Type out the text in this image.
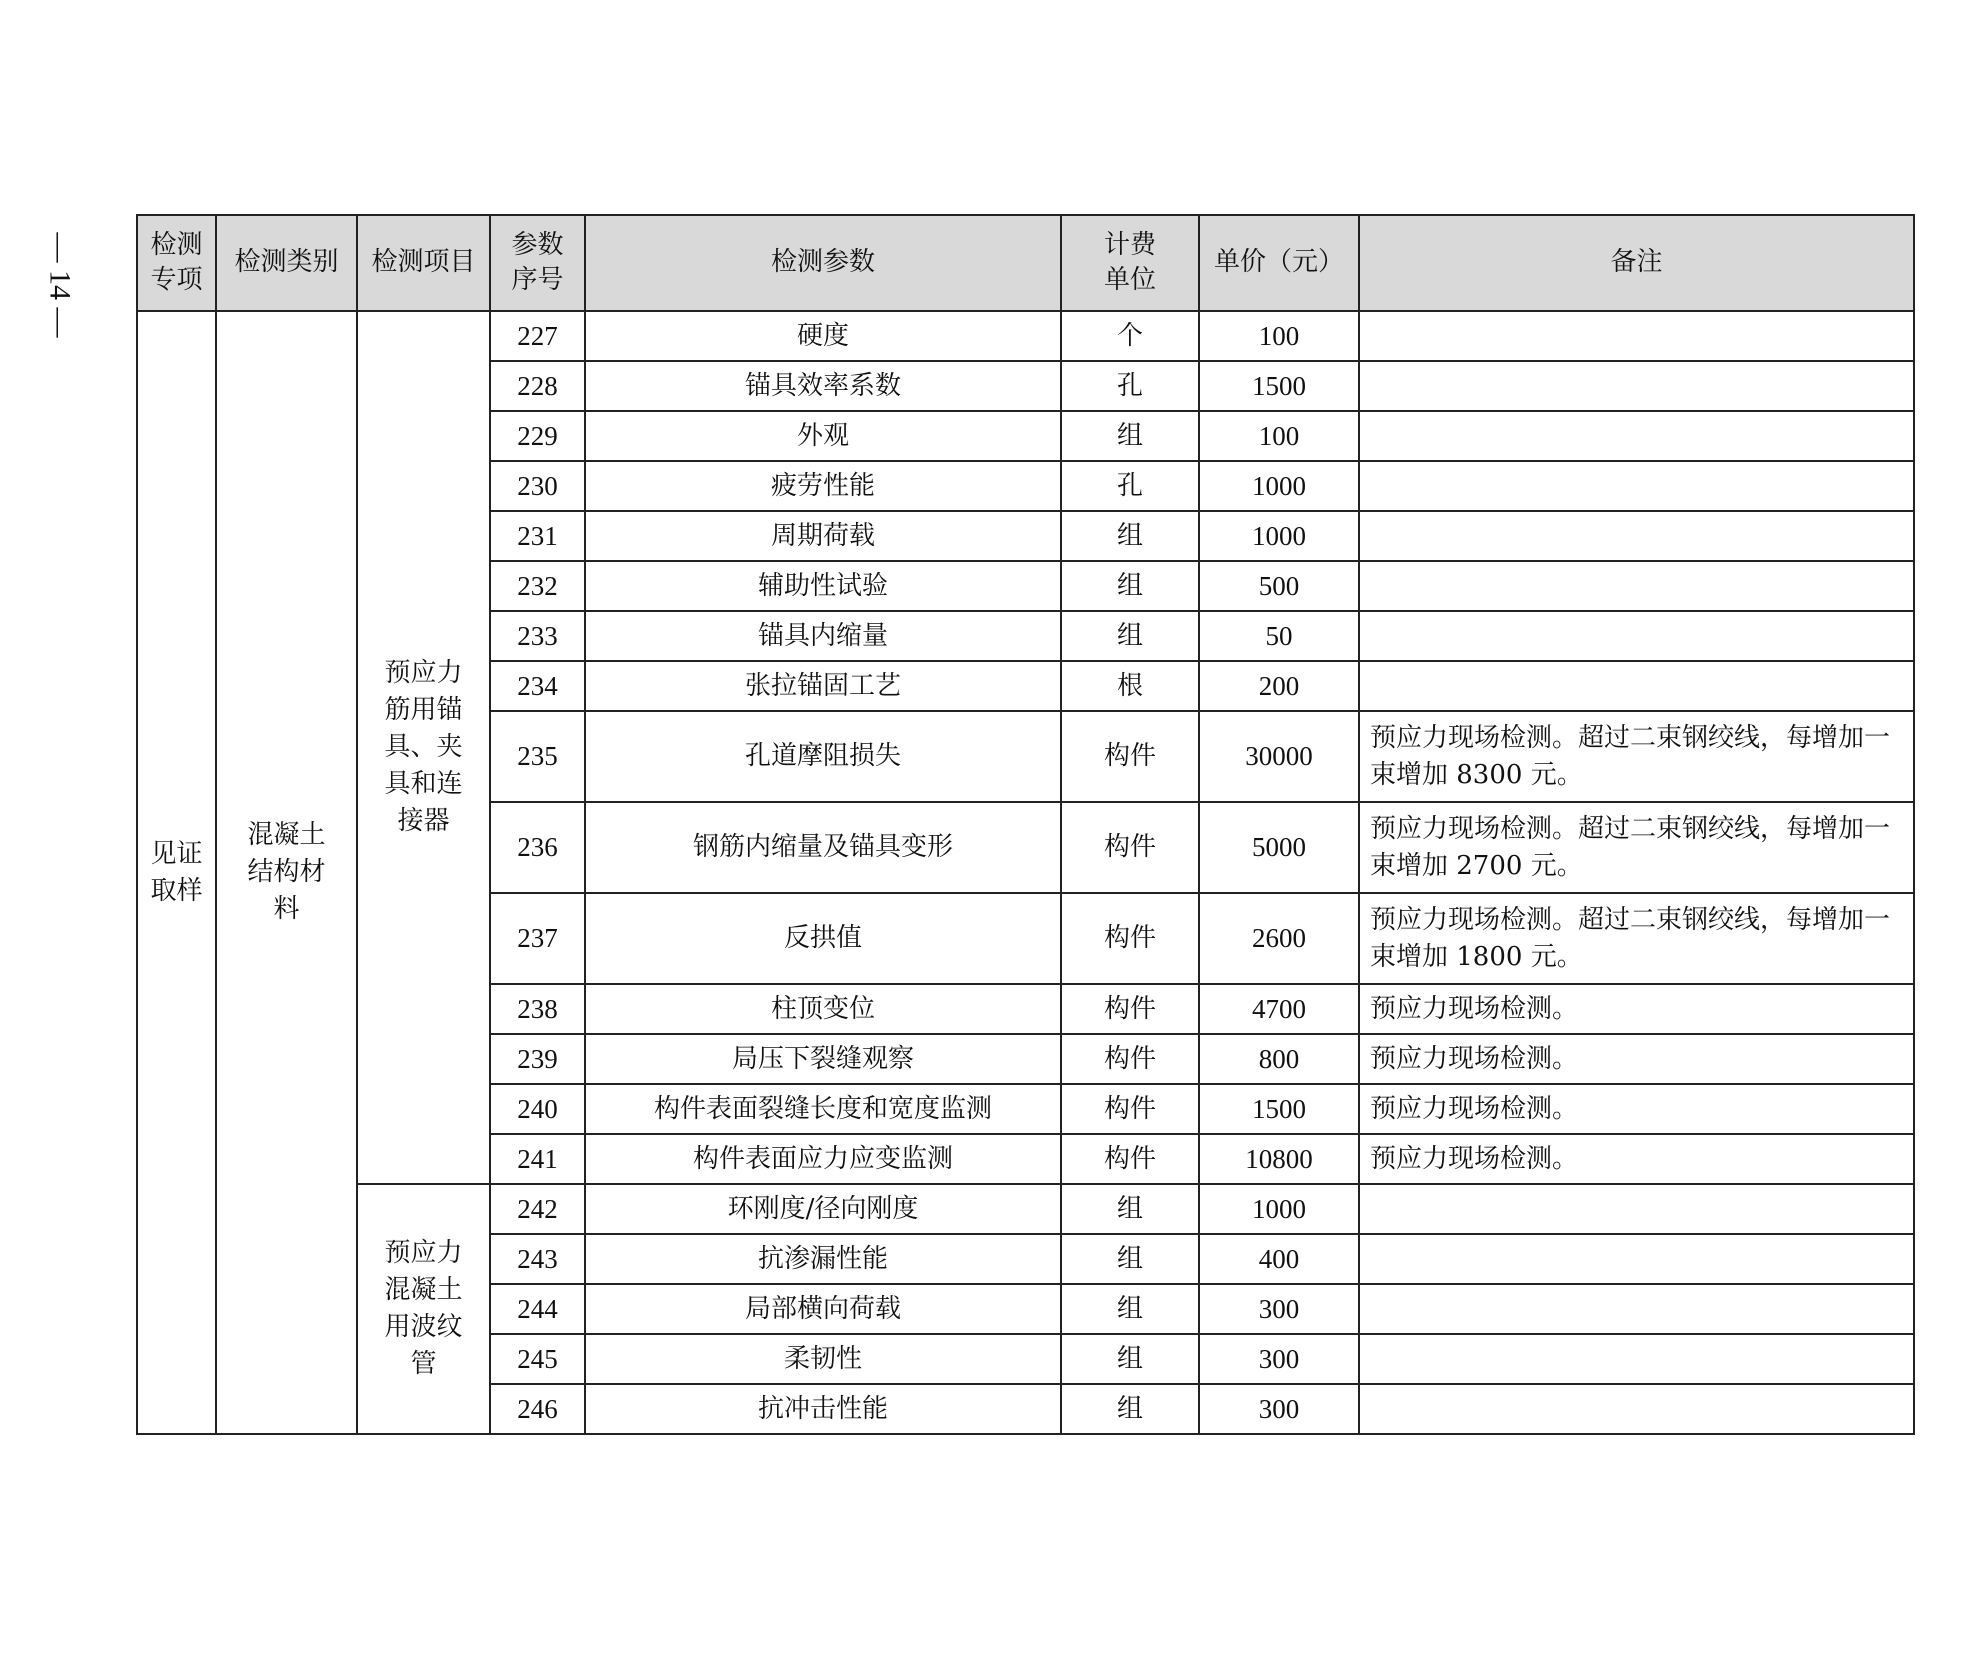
— 14 —	检测专项	检测类别	检测项目	参数序号	检测参数	计费单位	单价（元）	备注
见证取样	混凝土结构材料	预应力筋用锚具、夹具和连接器	227	硬度	个	100	
			228	锚具效率系数	孔	1500	
			229	外观	组	100	
			230	疲劳性能	孔	1000	
			231	周期荷载	组	1000	
			232	辅助性试验	组	500	
			233	锚具内缩量	组	50	
			234	张拉锚固工艺	根	200	
			235	孔道摩阻损失	构件	30000	预应力现场检测。超过二束钢绞线，每增加一束增加 8300 元。
			236	钢筋内缩量及锚具变形	构件	5000	预应力现场检测。超过二束钢绞线，每增加一束增加 2700 元。
			237	反拱值	构件	2600	预应力现场检测。超过二束钢绞线，每增加一束增加 1800 元。
			238	柱顶变位	构件	4700	预应力现场检测。
			239	局压下裂缝观察	构件	800	预应力现场检测。
			240	构件表面裂缝长度和宽度监测	构件	1500	预应力现场检测。
			241	构件表面应力应变监测	构件	10800	预应力现场检测。
		预应力混凝土用波纹管	242	环刚度/径向刚度	组	1000	
			243	抗渗漏性能	组	400	
			244	局部横向荷载	组	300	
			245	柔韧性	组	300	
			246	抗冲击性能	组	300	
